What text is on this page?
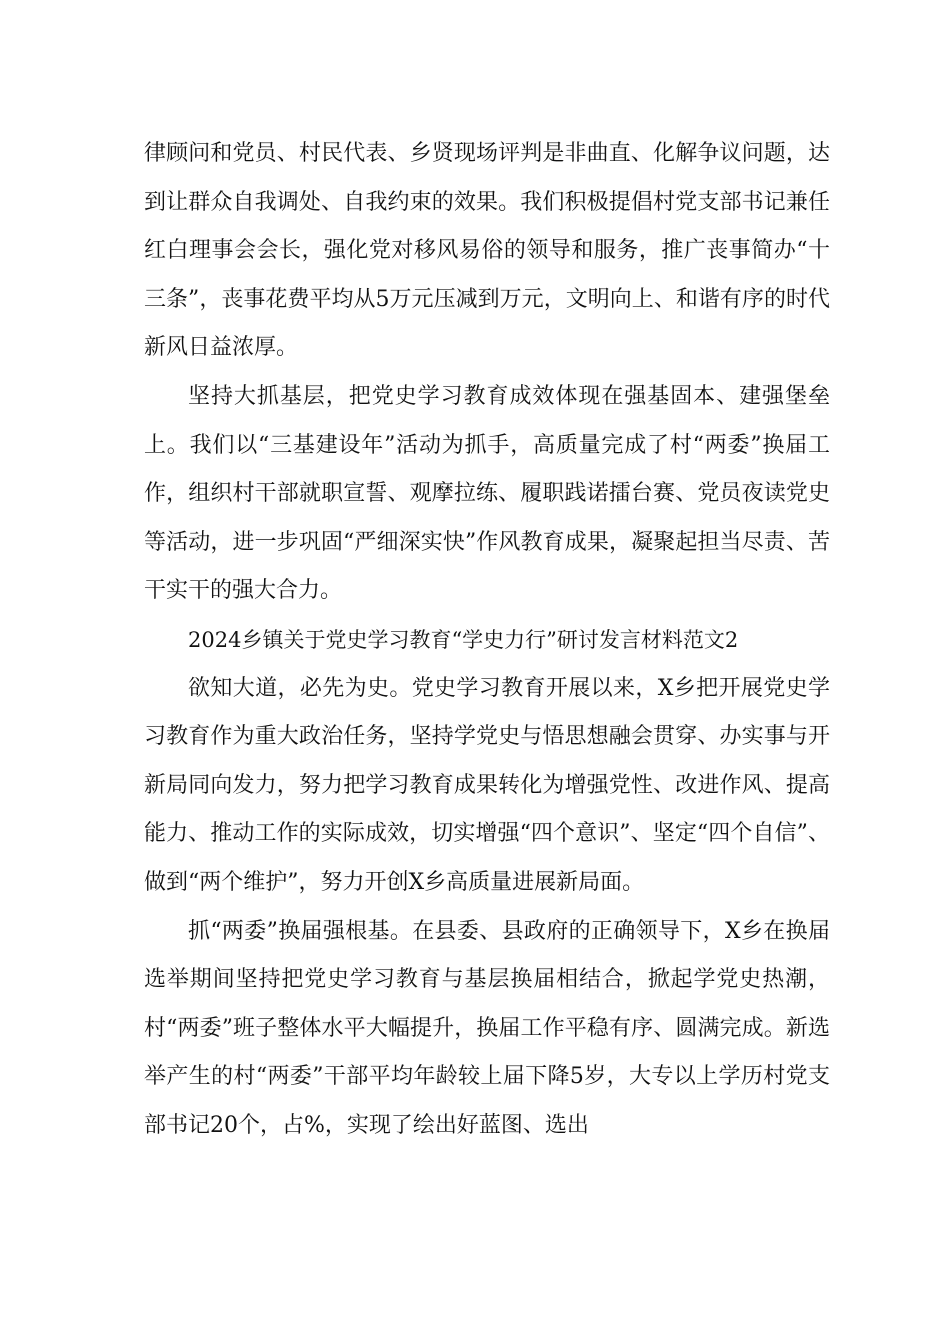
律顾问和党员、村民代表、乡贤现场评判是非曲直、化解争议问题，达到让群众自我调处、自我约束的效果。我们积极提倡村党支部书记兼任红白理事会会长，强化党对移风易俗的领导和服务，推广丧事简办“十三条”，丧事花费平均从5万元压减到万元，文明向上、和谐有序的时代新风日益浓厚。

坚持大抓基层，把党史学习教育成效体现在强基固本、建强堡垒上。我们以“三基建设年”活动为抓手，高质量完成了村“两委”换届工作，组织村干部就职宣誓、观摩拉练、履职践诺擂台赛、党员夜读党史等活动，进一步巩固“严细深实快”作风教育成果，凝聚起担当尽责、苦干实干的强大合力。

2024乡镇关于党史学习教育“学史力行”研讨发言材料范文2

欲知大道，必先为史。党史学习教育开展以来，X乡把开展党史学习教育作为重大政治任务，坚持学党史与悟思想融会贯穿、办实事与开新局同向发力，努力把学习教育成果转化为增强党性、改进作风、提高能力、推动工作的实际成效，切实增强“四个意识”、坚定“四个自信”、做到“两个维护”，努力开创X乡高质量进展新局面。

抓“两委”换届强根基。在县委、县政府的正确领导下，X乡在换届选举期间坚持把党史学习教育与基层换届相结合，掀起学党史热潮，村“两委”班子整体水平大幅提升，换届工作平稳有序、圆满完成。新选举产生的村“两委”干部平均年龄较上届下降5岁，大专以上学历村党支部书记20个，占%，实现了绘出好蓝图、选出
